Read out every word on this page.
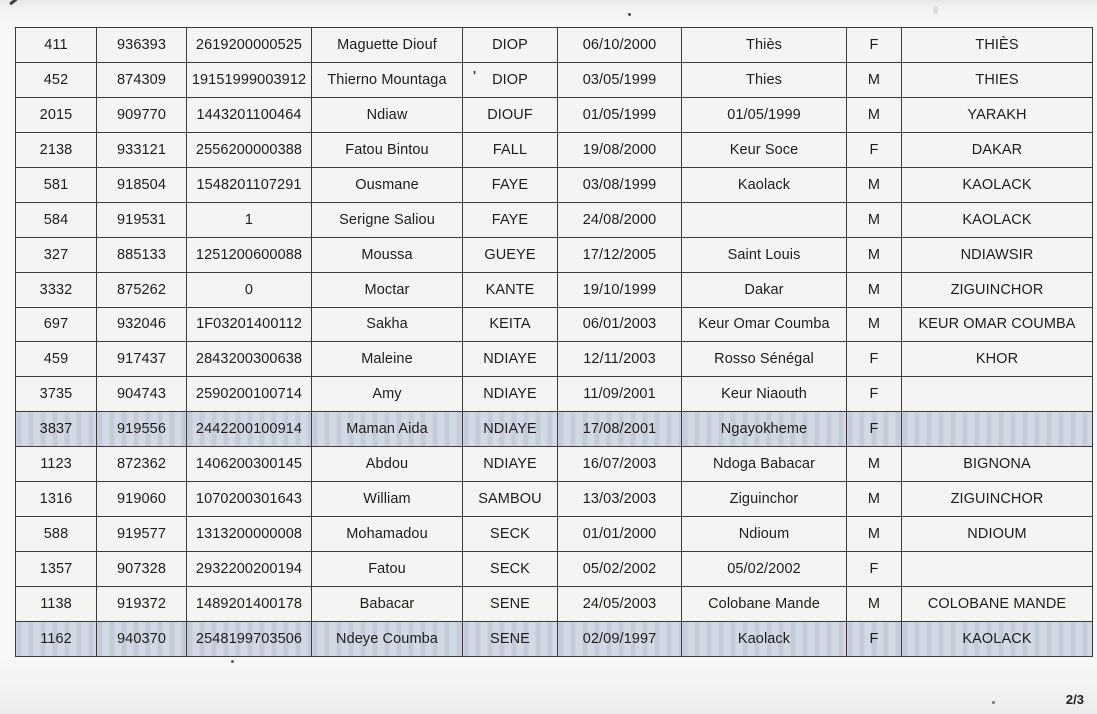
411	936393	2619200000525	Maguette Diouf	DIOP	06/10/2000	Thiès	F	THIÈS
452	874309	19151999003912	Thierno Mountaga	' DIOP	03/05/1999	Thies	M	THIES
2015	909770	1443201100464	Ndiaw	DIOUF	01/05/1999	01/05/1999	M	YARAKH
2138	933121	2556200000388	Fatou Bintou	FALL	19/08/2000	Keur Soce	F	DAKAR
581	918504	1548201107291	Ousmane	FAYE	03/08/1999	Kaolack	M	KAOLACK
584	919531	1	Serigne Saliou	FAYE	24/08/2000		M	KAOLACK
327	885133	1251200600088	Moussa	GUEYE	17/12/2005	Saint Louis	M	NDIAWSIR
3332	875262	0	Moctar	KANTE	19/10/1999	Dakar	M	ZIGUINCHOR
697	932046	1F03201400112	Sakha	KEITA	06/01/2003	Keur Omar Coumba	M	KEUR OMAR COUMBA
459	917437	2843200300638	Maleine	NDIAYE	12/11/2003	Rosso Sénégal	F	KHOR
3735	904743	2590200100714	Amy	NDIAYE	11/09/2001	Keur Niaouth	F	
3837	919556	2442200100914	Maman Aida	NDIAYE	17/08/2001	Ngayokheme	F	
1123	872362	1406200300145	Abdou	NDIAYE	16/07/2003	Ndoga Babacar	M	BIGNONA
1316	919060	1070200301643	William	SAMBOU	13/03/2003	Ziguinchor	M	ZIGUINCHOR
588	919577	1313200000008	Mohamadou	SECK	01/01/2000	Ndioum	M	NDIOUM
1357	907328	2932200200194	Fatou	SECK	05/02/2002	05/02/2002	F	
1138	919372	1489201400178	Babacar	SENE	24/05/2003	Colobane Mande	M	COLOBANE MANDE
1162	940370	2548199703506	Ndeye Coumba	SENE	02/09/1997	Kaolack	F	KAOLACK
2/3
